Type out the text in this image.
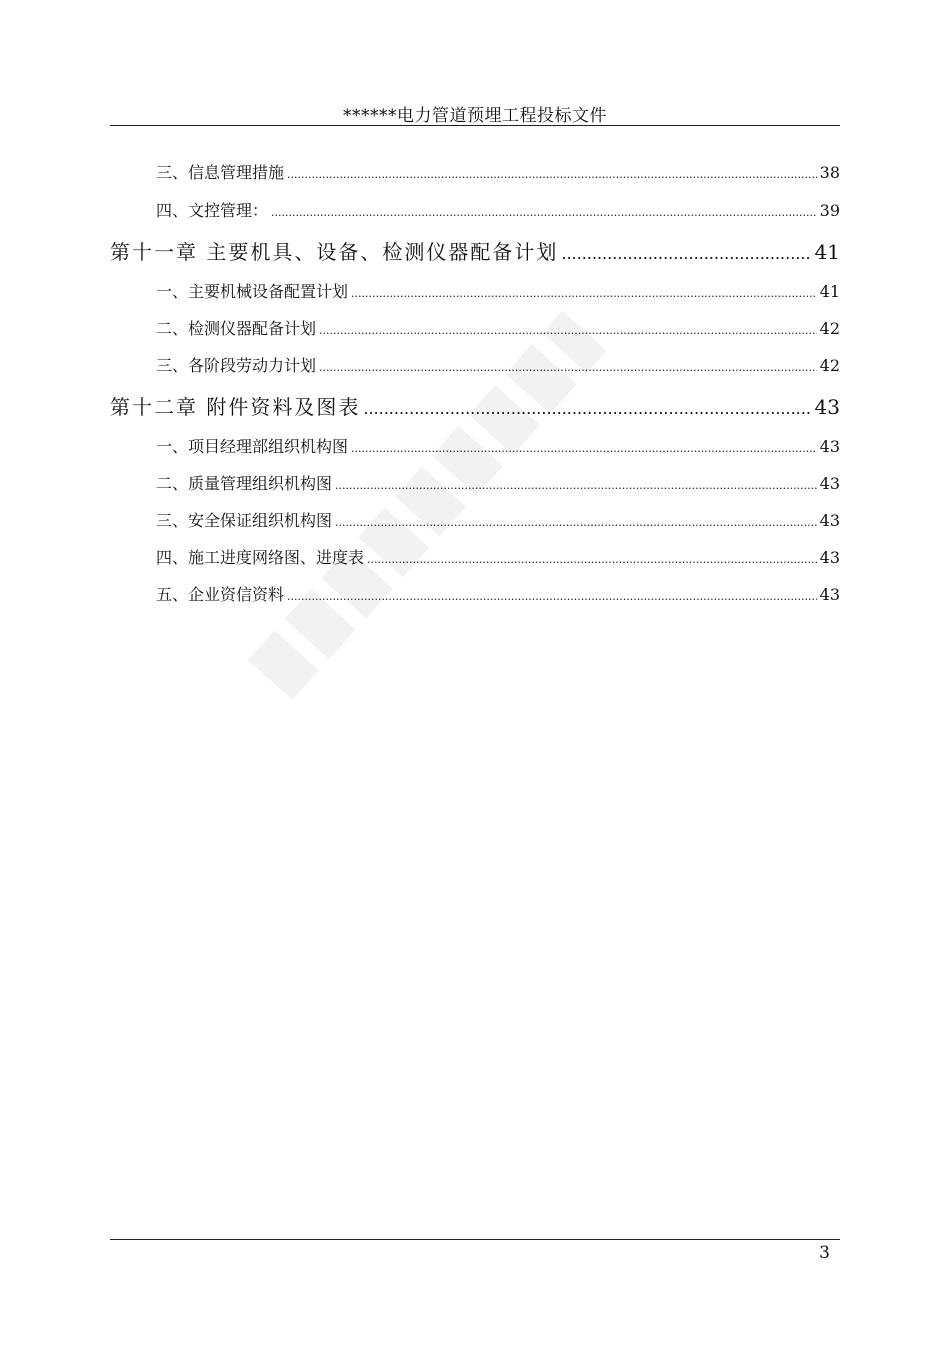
******电力管道预埋工程投标文件
三、 信息管理措施 .....	38
四、 文控管理： .....	39
第十一章 主要机具、设备、检测仪器配备计划 .....	41
一、 主要机械设备配置计划 .....	41
二、 检测仪器配备计划 .....	42
三、 各阶段劳动力计划 .....	42
第十二章 附件资料及图表 .....	43
一、 项目经理部组织机构图 .....	43
二、 质量管理组织机构图 .....	43
三、 安全保证组织机构图 .....	43
四、 施工进度网络图、进度表 .....	43
五、 企业资信资料 .....	43
3
